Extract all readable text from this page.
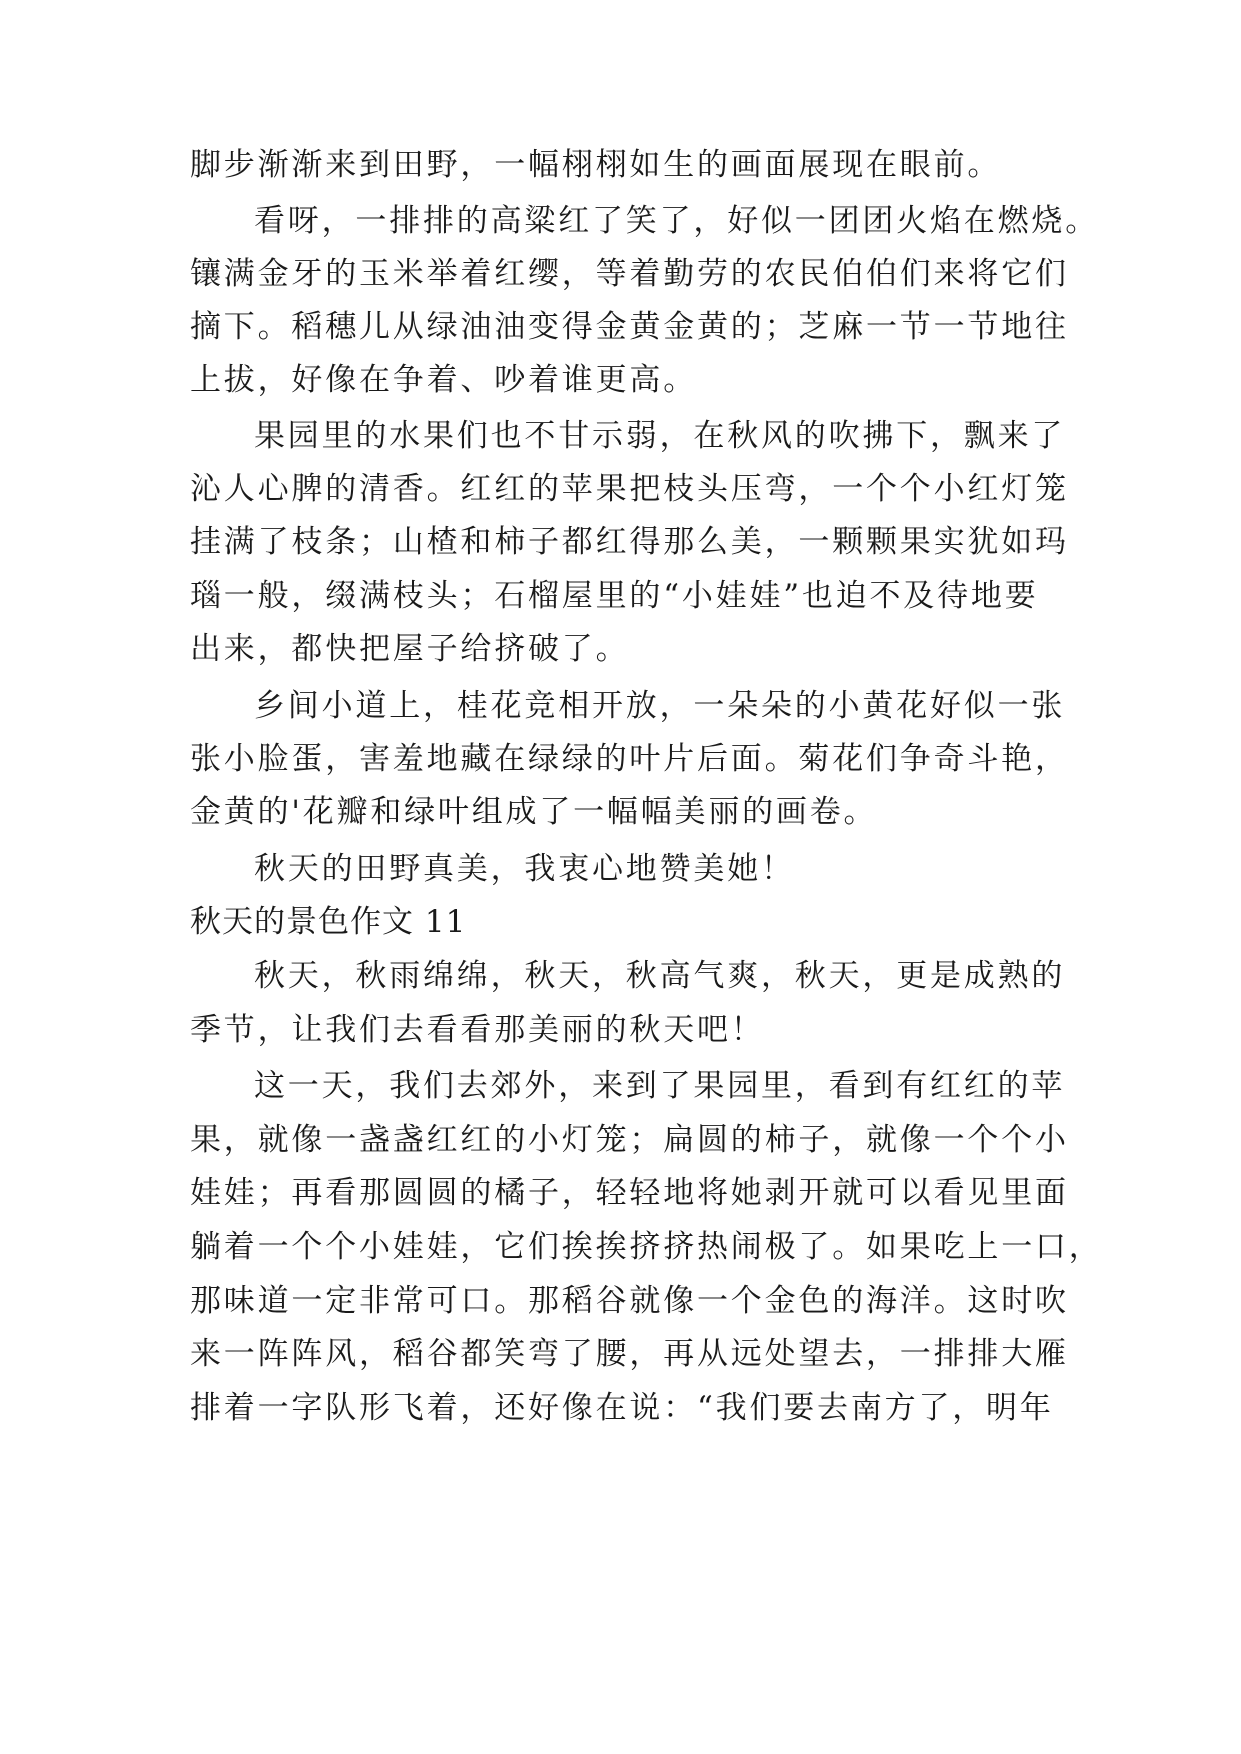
脚步渐渐来到田野，一幅栩栩如生的画面展现在眼前。
看呀，一排排的高粱红了笑了，好似一团团火焰在燃烧。
镶满金牙的玉米举着红缨，等着勤劳的农民伯伯们来将它们
摘下。稻穗儿从绿油油变得金黄金黄的；芝麻一节一节地往
上拔，好像在争着、吵着谁更高。
果园里的水果们也不甘示弱，在秋风的吹拂下，飘来了
沁人心脾的清香。红红的苹果把枝头压弯，一个个小红灯笼
挂满了枝条；山楂和柿子都红得那么美，一颗颗果实犹如玛
瑙一般，缀满枝头；石榴屋里的“小娃娃”也迫不及待地要
出来，都快把屋子给挤破了。
乡间小道上，桂花竞相开放，一朵朵的小黄花好似一张
张小脸蛋，害羞地藏在绿绿的叶片后面。菊花们争奇斗艳，
金黄的'花瓣和绿叶组成了一幅幅美丽的画卷。
秋天的田野真美，我衷心地赞美她！
秋天的景色作文 11
秋天，秋雨绵绵，秋天，秋高气爽，秋天，更是成熟的
季节，让我们去看看那美丽的秋天吧！
这一天，我们去郊外，来到了果园里，看到有红红的苹
果，就像一盏盏红红的小灯笼；扁圆的柿子，就像一个个小
娃娃；再看那圆圆的橘子，轻轻地将她剥开就可以看见里面
躺着一个个小娃娃，它们挨挨挤挤热闹极了。如果吃上一口，
那味道一定非常可口。那稻谷就像一个金色的海洋。这时吹
来一阵阵风，稻谷都笑弯了腰，再从远处望去，一排排大雁
排着一字队形飞着，还好像在说：“我们要去南方了，明年
